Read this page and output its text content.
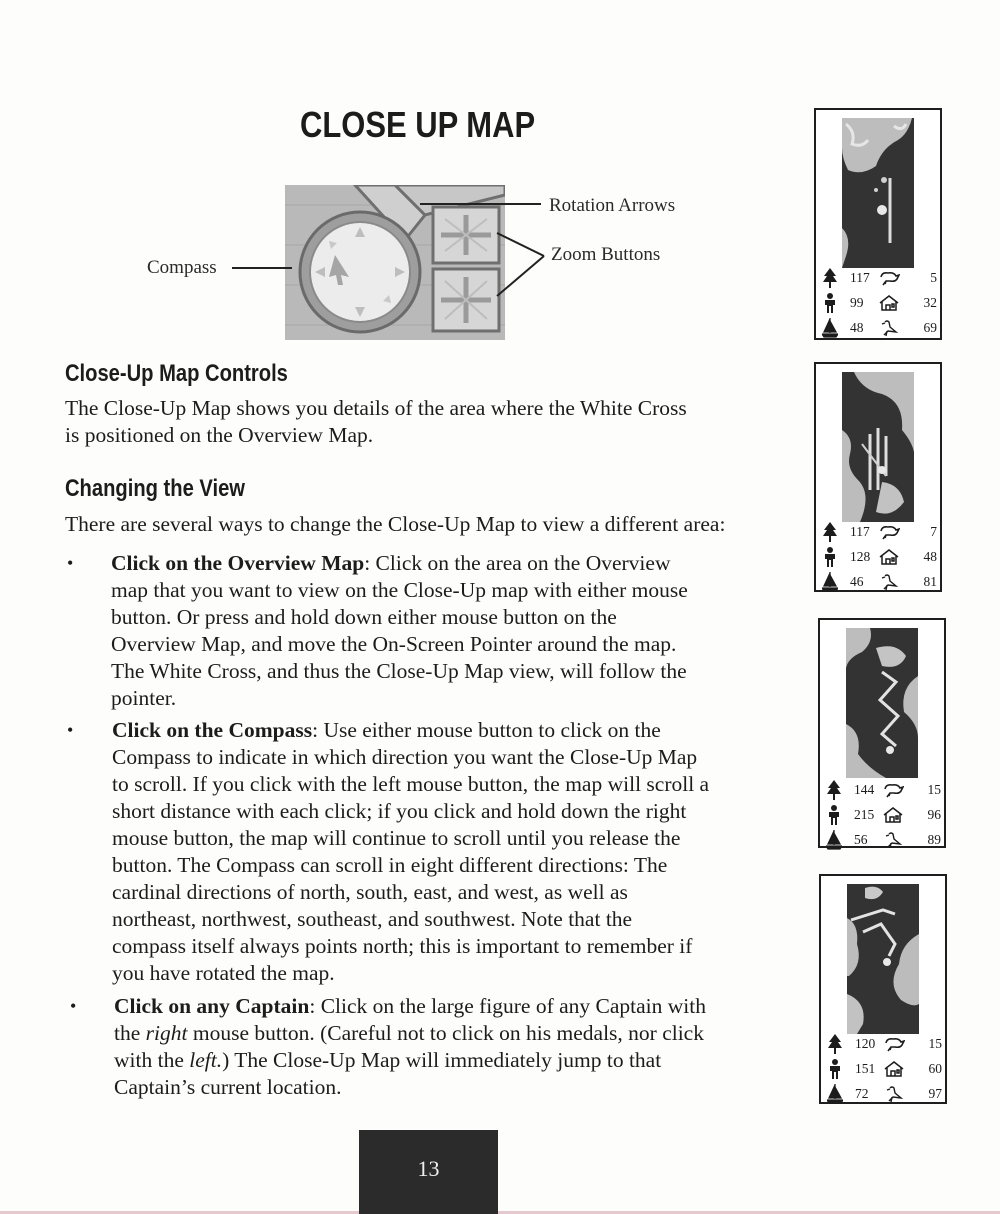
CLOSE UP MAP
Compass
Rotation Arrows
Zoom Buttons
Close-Up Map Controls

The Close-Up Map shows you details of the area where the White Cross
is positioned on the Overview Map.

Changing the View

There are several ways to change the Close-Up Map to view a different area:

• Click on the Overview Map: Click on the area on the Overview
map that you want to view on the Close-Up map with either mouse
button. Or press and hold down either mouse button on the
Overview Map, and move the On-Screen Pointer around the map.
The White Cross, and thus the Close-Up Map view, will follow the
pointer.
• Click on the Compass: Use either mouse button to click on the
Compass to indicate in which direction you want the Close-Up Map
to scroll. If you click with the left mouse button, the map will scroll a
short distance with each click; if you click and hold down the right
mouse button, the map will continue to scroll until you release the
button. The Compass can scroll in eight different directions: The
cardinal directions of north, south, east, and west, as well as
northeast, northwest, southeast, and southwest. Note that the
compass itself always points north; this is important to remember if
you have rotated the map.
• Click on any Captain: Click on the large figure of any Captain with
the right mouse button. (Careful not to click on his medals, nor click
with the left.) The Close-Up Map will immediately jump to that
Captain’s current location.
13
117	5
99	32
48	69
117	7
128	48
46	81
144	15
215	96
56	89
120	15
151	60
72	97
